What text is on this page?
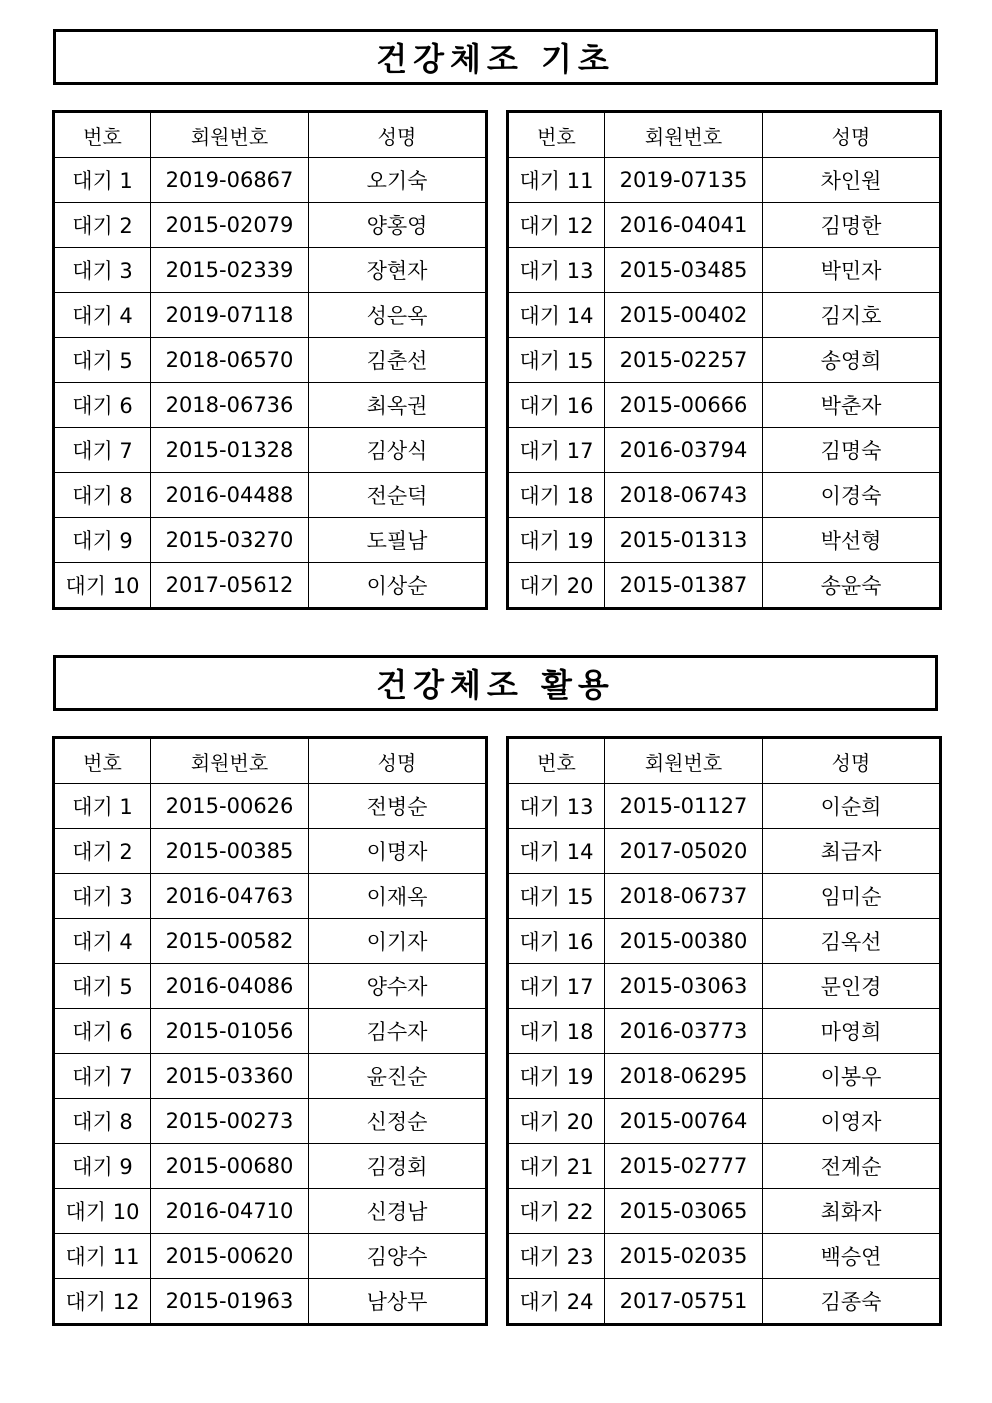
건강체조 기초
번호	회원번호	성명
대기 1	2019-06867	오기숙
대기 2	2015-02079	양홍영
대기 3	2015-02339	장현자
대기 4	2019-07118	성은옥
대기 5	2018-06570	김춘선
대기 6	2018-06736	최옥권
대기 7	2015-01328	김상식
대기 8	2016-04488	전순덕
대기 9	2015-03270	도필남
대기 10	2017-05612	이상순
번호	회원번호	성명
대기 11	2019-07135	차인원
대기 12	2016-04041	김명한
대기 13	2015-03485	박민자
대기 14	2015-00402	김지호
대기 15	2015-02257	송영희
대기 16	2015-00666	박춘자
대기 17	2016-03794	김명숙
대기 18	2018-06743	이경숙
대기 19	2015-01313	박선형
대기 20	2015-01387	송윤숙
건강체조 활용
번호	회원번호	성명
대기 1	2015-00626	전병순
대기 2	2015-00385	이명자
대기 3	2016-04763	이재옥
대기 4	2015-00582	이기자
대기 5	2016-04086	양수자
대기 6	2015-01056	김수자
대기 7	2015-03360	윤진순
대기 8	2015-00273	신정순
대기 9	2015-00680	김경회
대기 10	2016-04710	신경남
대기 11	2015-00620	김양수
대기 12	2015-01963	남상무
번호	회원번호	성명
대기 13	2015-01127	이순희
대기 14	2017-05020	최금자
대기 15	2018-06737	임미순
대기 16	2015-00380	김옥선
대기 17	2015-03063	문인경
대기 18	2016-03773	마영희
대기 19	2018-06295	이봉우
대기 20	2015-00764	이영자
대기 21	2015-02777	전계순
대기 22	2015-03065	최화자
대기 23	2015-02035	백승연
대기 24	2017-05751	김종숙
